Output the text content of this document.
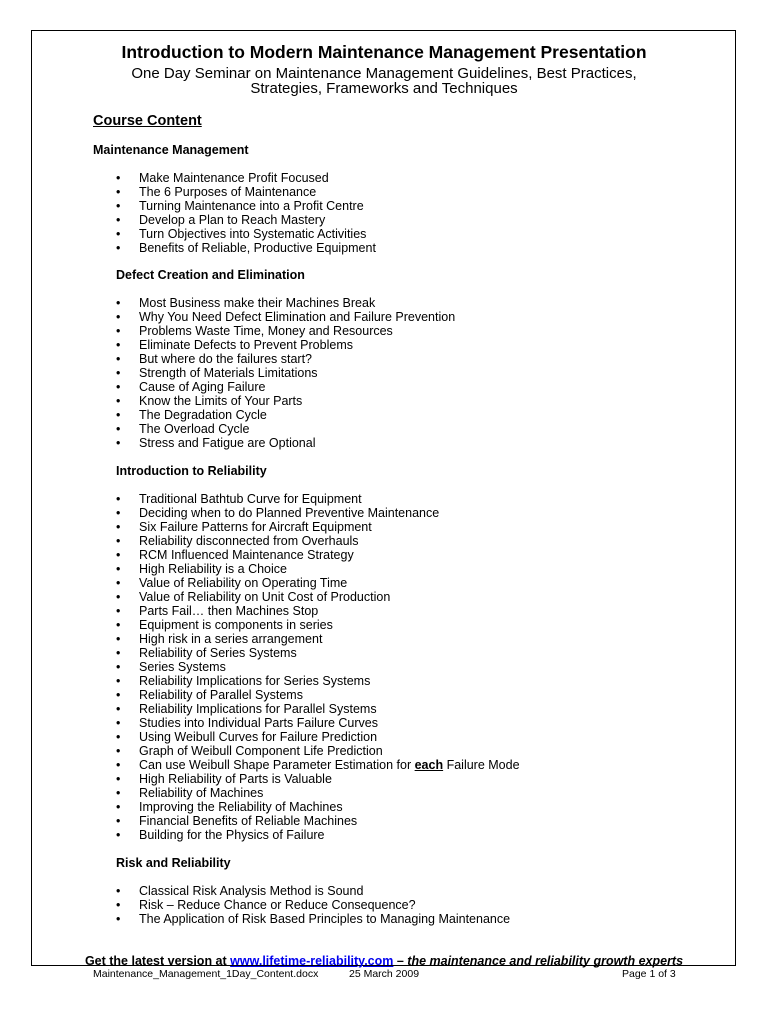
Introduction to Modern Maintenance Management Presentation
One Day Seminar on Maintenance Management Guidelines, Best Practices,
Strategies, Frameworks and Techniques
Course Content
Maintenance Management
• Make Maintenance Profit Focused
• The 6 Purposes of Maintenance
• Turning Maintenance into a Profit Centre
• Develop a Plan to Reach Mastery
• Turn Objectives into Systematic Activities
• Benefits of Reliable, Productive Equipment
Defect Creation and Elimination
• Most Business make their Machines Break
• Why You Need Defect Elimination and Failure Prevention
• Problems Waste Time, Money and Resources
• Eliminate Defects to Prevent Problems
• But where do the failures start?
• Strength of Materials Limitations
• Cause of Aging Failure
• Know the Limits of Your Parts
• The Degradation Cycle
• The Overload Cycle
• Stress and Fatigue are Optional
Introduction to Reliability
• Traditional Bathtub Curve for Equipment
• Deciding when to do Planned Preventive Maintenance
• Six Failure Patterns for Aircraft Equipment
• Reliability disconnected from Overhauls
• RCM Influenced Maintenance Strategy
• High Reliability is a Choice
• Value of Reliability on Operating Time
• Value of Reliability on Unit Cost of Production
• Parts Fail… then Machines Stop
• Equipment is components in series
• High risk in a series arrangement
• Reliability of Series Systems
• Series Systems
• Reliability Implications for Series Systems
• Reliability of Parallel Systems
• Reliability Implications for Parallel Systems
• Studies into Individual Parts Failure Curves
• Using Weibull Curves for Failure Prediction
• Graph of Weibull Component Life Prediction
• Can use Weibull Shape Parameter Estimation for each Failure Mode
• High Reliability of Parts is Valuable
• Reliability of Machines
• Improving the Reliability of Machines
• Financial Benefits of Reliable Machines
• Building for the Physics of Failure
Risk and Reliability
• Classical Risk Analysis Method is Sound
• Risk – Reduce Chance or Reduce Consequence?
• The Application of Risk Based Principles to Managing Maintenance
Get the latest version at www.lifetime-reliability.com – the maintenance and reliability growth experts
Maintenance_Management_1Day_Content.docx	25 March 2009	Page 1 of 3
